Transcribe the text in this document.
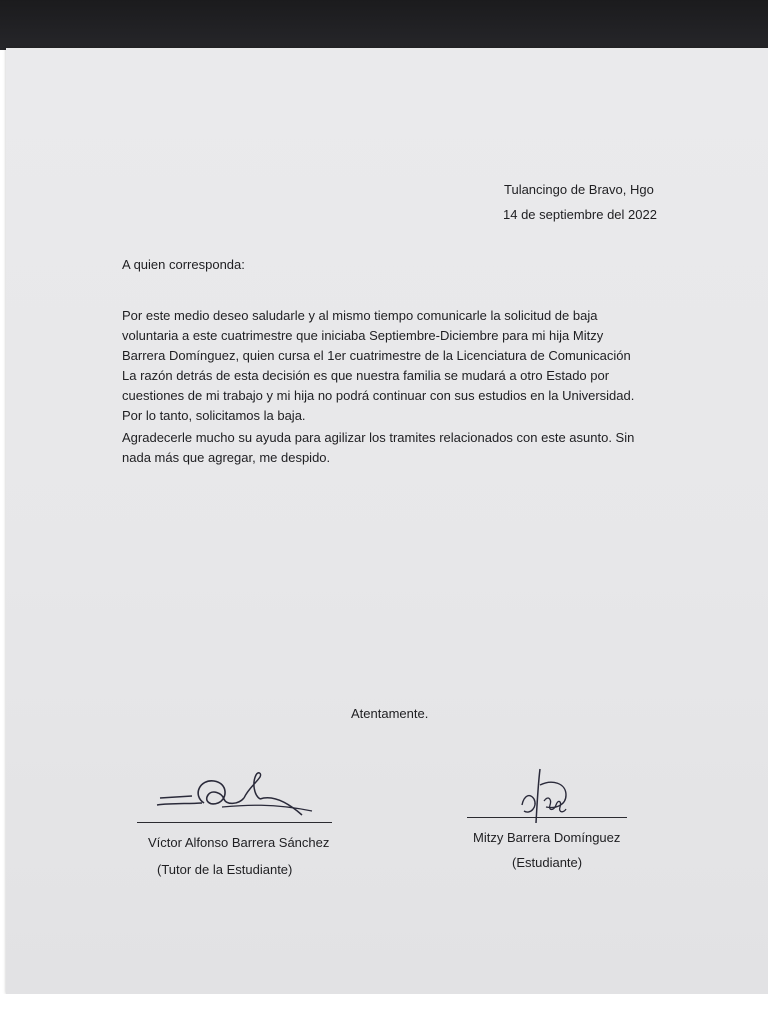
Tulancingo de Bravo, Hgo
14 de septiembre del 2022
A quien corresponda:
Por este medio deseo saludarle y al mismo tiempo comunicarle la solicitud de baja voluntaria a este cuatrimestre que iniciaba Septiembre-Diciembre para mi hija Mitzy Barrera Domínguez, quien cursa el 1er cuatrimestre de la Licenciatura de Comunicación
La razón detrás de esta decisión es que nuestra familia se mudará a otro Estado por cuestiones de mi trabajo y mi hija no podrá continuar con sus estudios en la Universidad. Por lo tanto, solicitamos la baja.
Agradecerle mucho su ayuda para agilizar los tramites relacionados con este asunto. Sin nada más que agregar, me despido.
Atentamente.
Víctor Alfonso Barrera Sánchez
(Tutor de la Estudiante)
Mitzy Barrera Domínguez
(Estudiante)
